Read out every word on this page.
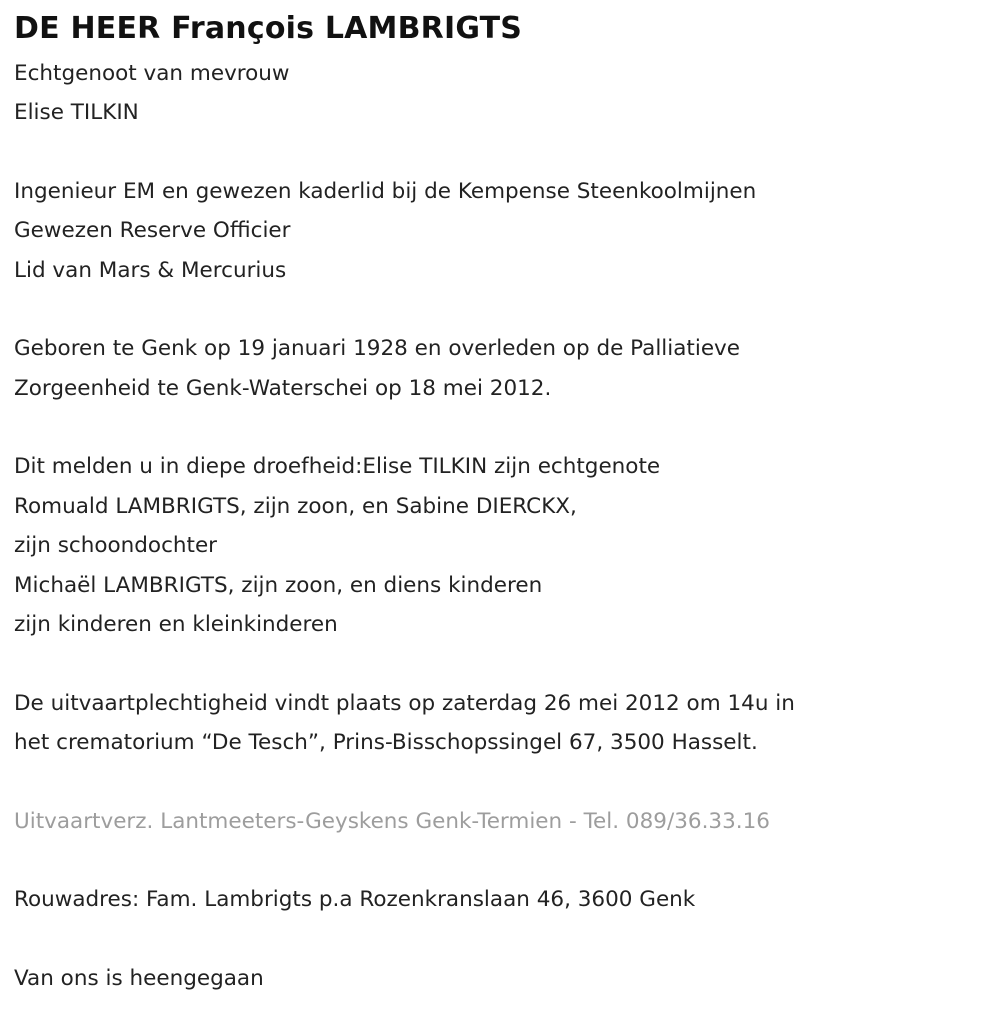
DE HEER François LAMBRIGTS
Echtgenoot van mevrouw
Elise TILKIN
Ingenieur EM en gewezen kaderlid bij de Kempense Steenkoolmijnen
Gewezen Reserve Officier
Lid van Mars & Mercurius
Geboren te Genk op 19 januari 1928 en overleden op de Palliatieve
Zorgeenheid te Genk-Waterschei op 18 mei 2012.
Dit melden u in diepe droefheid:Elise TILKIN zijn echtgenote
Romuald LAMBRIGTS, zijn zoon, en Sabine DIERCKX,
zijn schoondochter
Michaël LAMBRIGTS, zijn zoon, en diens kinderen
zijn kinderen en kleinkinderen
De uitvaartplechtigheid vindt plaats op zaterdag 26 mei 2012 om 14u in
het crematorium “De Tesch”, Prins-Bisschopssingel 67, 3500 Hasselt.
Uitvaartverz. Lantmeeters-Geyskens Genk-Termien - Tel. 089/36.33.16
Rouwadres: Fam. Lambrigts p.a Rozenkranslaan 46, 3600 Genk
Van ons is heengegaan
